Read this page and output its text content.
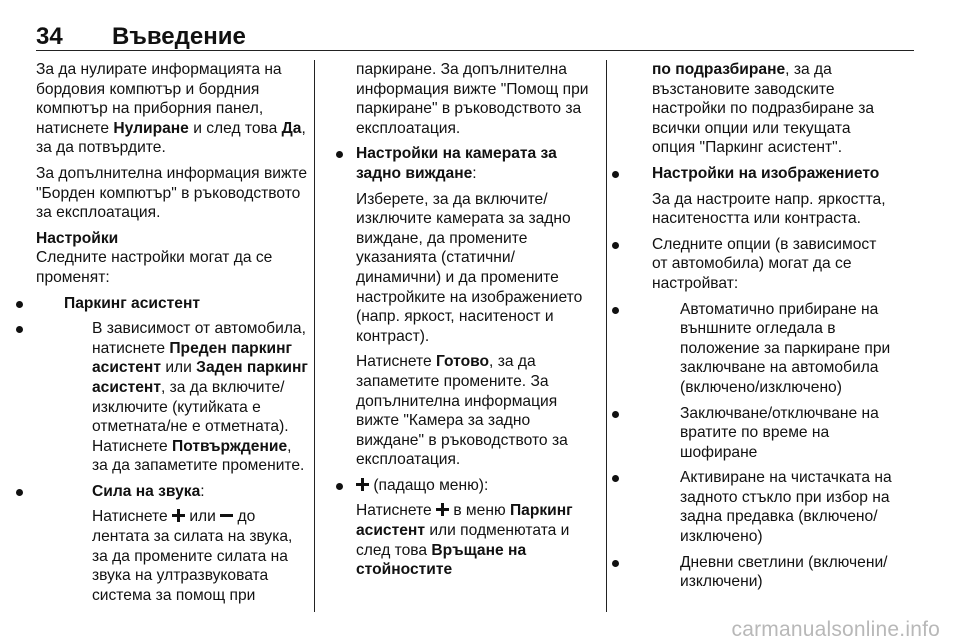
34 Въведение

За да нулирате информацията на бордовия компютър и бордния компютър на приборния панел, натиснете Нулиране и след това Да, за да потвърдите.

За допълнителна информация вижте "Борден компютър" в ръководството за експлоатация.

Настройки

Следните настройки могат да се променят:

Паркинг асистент
В зависимост от автомобила, натиснете Преден паркинг асистент или Заден паркинг асистент, за да включите/изключите (кутийката е отметната/не е отметната). Натиснете Потвърждение, за да запаметите промените.
Сила на звука:
Натиснете  или  до лентата за силата на звука, за да промените силата на звука на ултразвуковата система за помощ при

паркиране. За допълнителна информация вижте "Помощ при паркиране" в ръководството за експлоатация.

Настройки на камерата за задно виждане:

Изберете, за да включите/изключите камерата за задно виждане, да промените указанията (статични/динамични) и да промените настройките на изображението (напр. яркост, наситеност и контраст).

Натиснете Готово, за да запаметите промените. За допълнителна информация вижте "Камера за задно виждане" в ръководството за експлоатация.

(падащо меню):

Натиснете  в меню Паркинг асистент или подменютата и след това Връщане на стойностите

по подразбиране, за да възстановите заводските настройки по подразбиране за всички опции или текущата опция "Паркинг асистент".

Настройки на изображението

За да настроите напр. яркостта, наситеността или контраста.

Следните опции (в зависимост от автомобила) могат да се настройват:
Автоматично прибиране на външните огледала в положение за паркиране при заключване на автомобила (включено/изключено)
Заключване/отключване на вратите по време на шофиране
Активиране на чистачката на задното стъкло при избор на задна предавка (включено/изключено)
Дневни светлини (включени/изключени)
carmanualsonline.info
